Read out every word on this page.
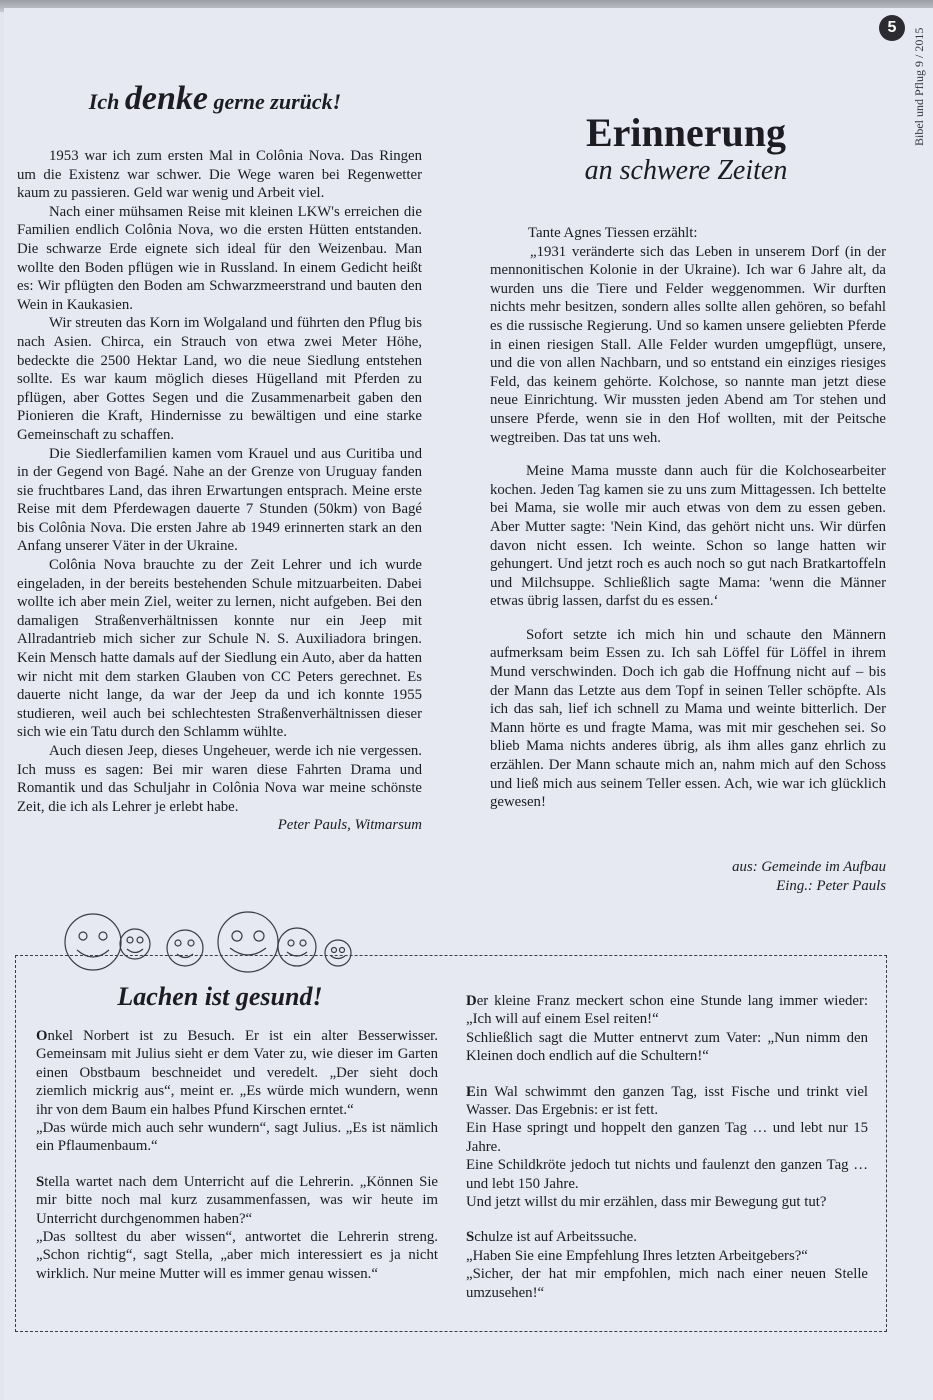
5
Bibel und Pflug 9 / 2015
Ich denke gerne zurück!

1953 war ich zum ersten Mal in Colônia Nova. Das Ringen um die Existenz war schwer. Die Wege waren bei Regenwetter kaum zu passieren. Geld war wenig und Arbeit viel.

Nach einer mühsamen Reise mit kleinen LKW's erreichen die Familien endlich Colônia Nova, wo die ersten Hütten entstanden. Die schwarze Erde eignete sich ideal für den Weizenbau. Man wollte den Boden pflügen wie in Russland. In einem Gedicht heißt es: Wir pflügten den Boden am Schwarzmeerstrand und bauten den Wein in Kaukasien.

Wir streuten das Korn im Wolgaland und führten den Pflug bis nach Asien. Chirca, ein Strauch von etwa zwei Meter Höhe, bedeckte die 2500 Hektar Land, wo die neue Siedlung entstehen sollte. Es war kaum möglich dieses Hügelland mit Pferden zu pflügen, aber Gottes Segen und die Zusammenarbeit gaben den Pionieren die Kraft, Hindernisse zu bewältigen und eine starke Gemeinschaft zu schaffen.

Die Siedlerfamilien kamen vom Krauel und aus Curitiba und in der Gegend von Bagé. Nahe an der Grenze von Uruguay fanden sie fruchtbares Land, das ihren Erwartungen entsprach. Meine erste Reise mit dem Pferdewagen dauerte 7 Stunden (50km) von Bagé bis Colônia Nova. Die ersten Jahre ab 1949 erinnerten stark an den Anfang unserer Väter in der Ukraine.

Colônia Nova brauchte zu der Zeit Lehrer und ich wurde eingeladen, in der bereits bestehenden Schule mitzuarbeiten. Dabei wollte ich aber mein Ziel, weiter zu lernen, nicht aufgeben. Bei den damaligen Straßenverhältnissen konnte nur ein Jeep mit Allradantrieb mich sicher zur Schule N. S. Auxiliadora bringen. Kein Mensch hatte damals auf der Siedlung ein Auto, aber da hatten wir nicht mit dem starken Glauben von CC Peters gerechnet. Es dauerte nicht lange, da war der Jeep da und ich konnte 1955 studieren, weil auch bei schlechtesten Straßenverhältnissen dieser sich wie ein Tatu durch den Schlamm wühlte.

Auch diesen Jeep, dieses Ungeheuer, werde ich nie vergessen. Ich muss es sagen: Bei mir waren diese Fahrten Drama und Romantik und das Schuljahr in Colônia Nova war meine schönste Zeit, die ich als Lehrer je erlebt habe.

Peter Pauls, Witmarsum

Erinnerung
an schwere Zeiten

Tante Agnes Tiessen erzählt:

„1931 veränderte sich das Leben in unserem Dorf (in der mennonitischen Kolonie in der Ukraine). Ich war 6 Jahre alt, da wurden uns die Tiere und Felder weggenommen. Wir durften nichts mehr besitzen, sondern alles sollte allen gehören, so befahl es die russische Regierung. Und so kamen unsere geliebten Pferde in einen riesigen Stall. Alle Felder wurden umgepflügt, unsere, und die von allen Nachbarn, und so entstand ein einziges riesiges Feld, das keinem gehörte. Kolchose, so nannte man jetzt diese neue Einrichtung. Wir mussten jeden Abend am Tor stehen und unsere Pferde, wenn sie in den Hof wollten, mit der Peitsche wegtreiben. Das tat uns weh.

Meine Mama musste dann auch für die Kolchosearbeiter kochen. Jeden Tag kamen sie zu uns zum Mittagessen. Ich bettelte bei Mama, sie wolle mir auch etwas von dem zu essen geben. Aber Mutter sagte: 'Nein Kind, das gehört nicht uns. Wir dürfen davon nicht essen. Ich weinte. Schon so lange hatten wir gehungert. Und jetzt roch es auch noch so gut nach Bratkartoffeln und Milchsuppe. Schließlich sagte Mama: 'wenn die Männer etwas übrig lassen, darfst du es essen.‘

Sofort setzte ich mich hin und schaute den Männern aufmerksam beim Essen zu. Ich sah Löffel für Löffel in ihrem Mund verschwinden. Doch ich gab die Hoffnung nicht auf – bis der Mann das Letzte aus dem Topf in seinen Teller schöpfte. Als ich das sah, lief ich schnell zu Mama und weinte bitterlich. Der Mann hörte es und fragte Mama, was mit mir geschehen sei. So blieb Mama nichts anderes übrig, als ihm alles ganz ehrlich zu erzählen. Der Mann schaute mich an, nahm mich auf den Schoss und ließ mich aus seinem Teller essen. Ach, wie war ich glücklich gewesen!

aus: Gemeinde im Aufbau
Eing.: Peter Pauls
Lachen ist gesund!

Onkel Norbert ist zu Besuch. Er ist ein alter Besserwisser. Gemeinsam mit Julius sieht er dem Vater zu, wie dieser im Garten einen Obstbaum beschneidet und veredelt. „Der sieht doch ziemlich mickrig aus“, meint er. „Es würde mich wundern, wenn ihr von dem Baum ein halbes Pfund Kirschen erntet.“

„Das würde mich auch sehr wundern“, sagt Julius. „Es ist nämlich ein Pflaumenbaum.“

Stella wartet nach dem Unterricht auf die Lehrerin. „Können Sie mir bitte noch mal kurz zusammenfassen, was wir heute im Unterricht durchgenommen haben?“

„Das solltest du aber wissen“, antwortet die Lehrerin streng. „Schon richtig“, sagt Stella, „aber mich interessiert es ja nicht wirklich. Nur meine Mutter will es immer genau wissen.“

Der kleine Franz meckert schon eine Stunde lang immer wieder: „Ich will auf einem Esel reiten!“

Schließlich sagt die Mutter entnervt zum Vater: „Nun nimm den Kleinen doch endlich auf die Schultern!“

Ein Wal schwimmt den ganzen Tag, isst Fische und trinkt viel Wasser. Das Ergebnis: er ist fett.

Ein Hase springt und hoppelt den ganzen Tag … und lebt nur 15 Jahre.

Eine Schildkröte jedoch tut nichts und faulenzt den ganzen Tag … und lebt 150 Jahre.

Und jetzt willst du mir erzählen, dass mir Bewegung gut tut?

Schulze ist auf Arbeitssuche.

„Haben Sie eine Empfehlung Ihres letzten Arbeitgebers?“

„Sicher, der hat mir empfohlen, mich nach einer neuen Stelle umzusehen!“
